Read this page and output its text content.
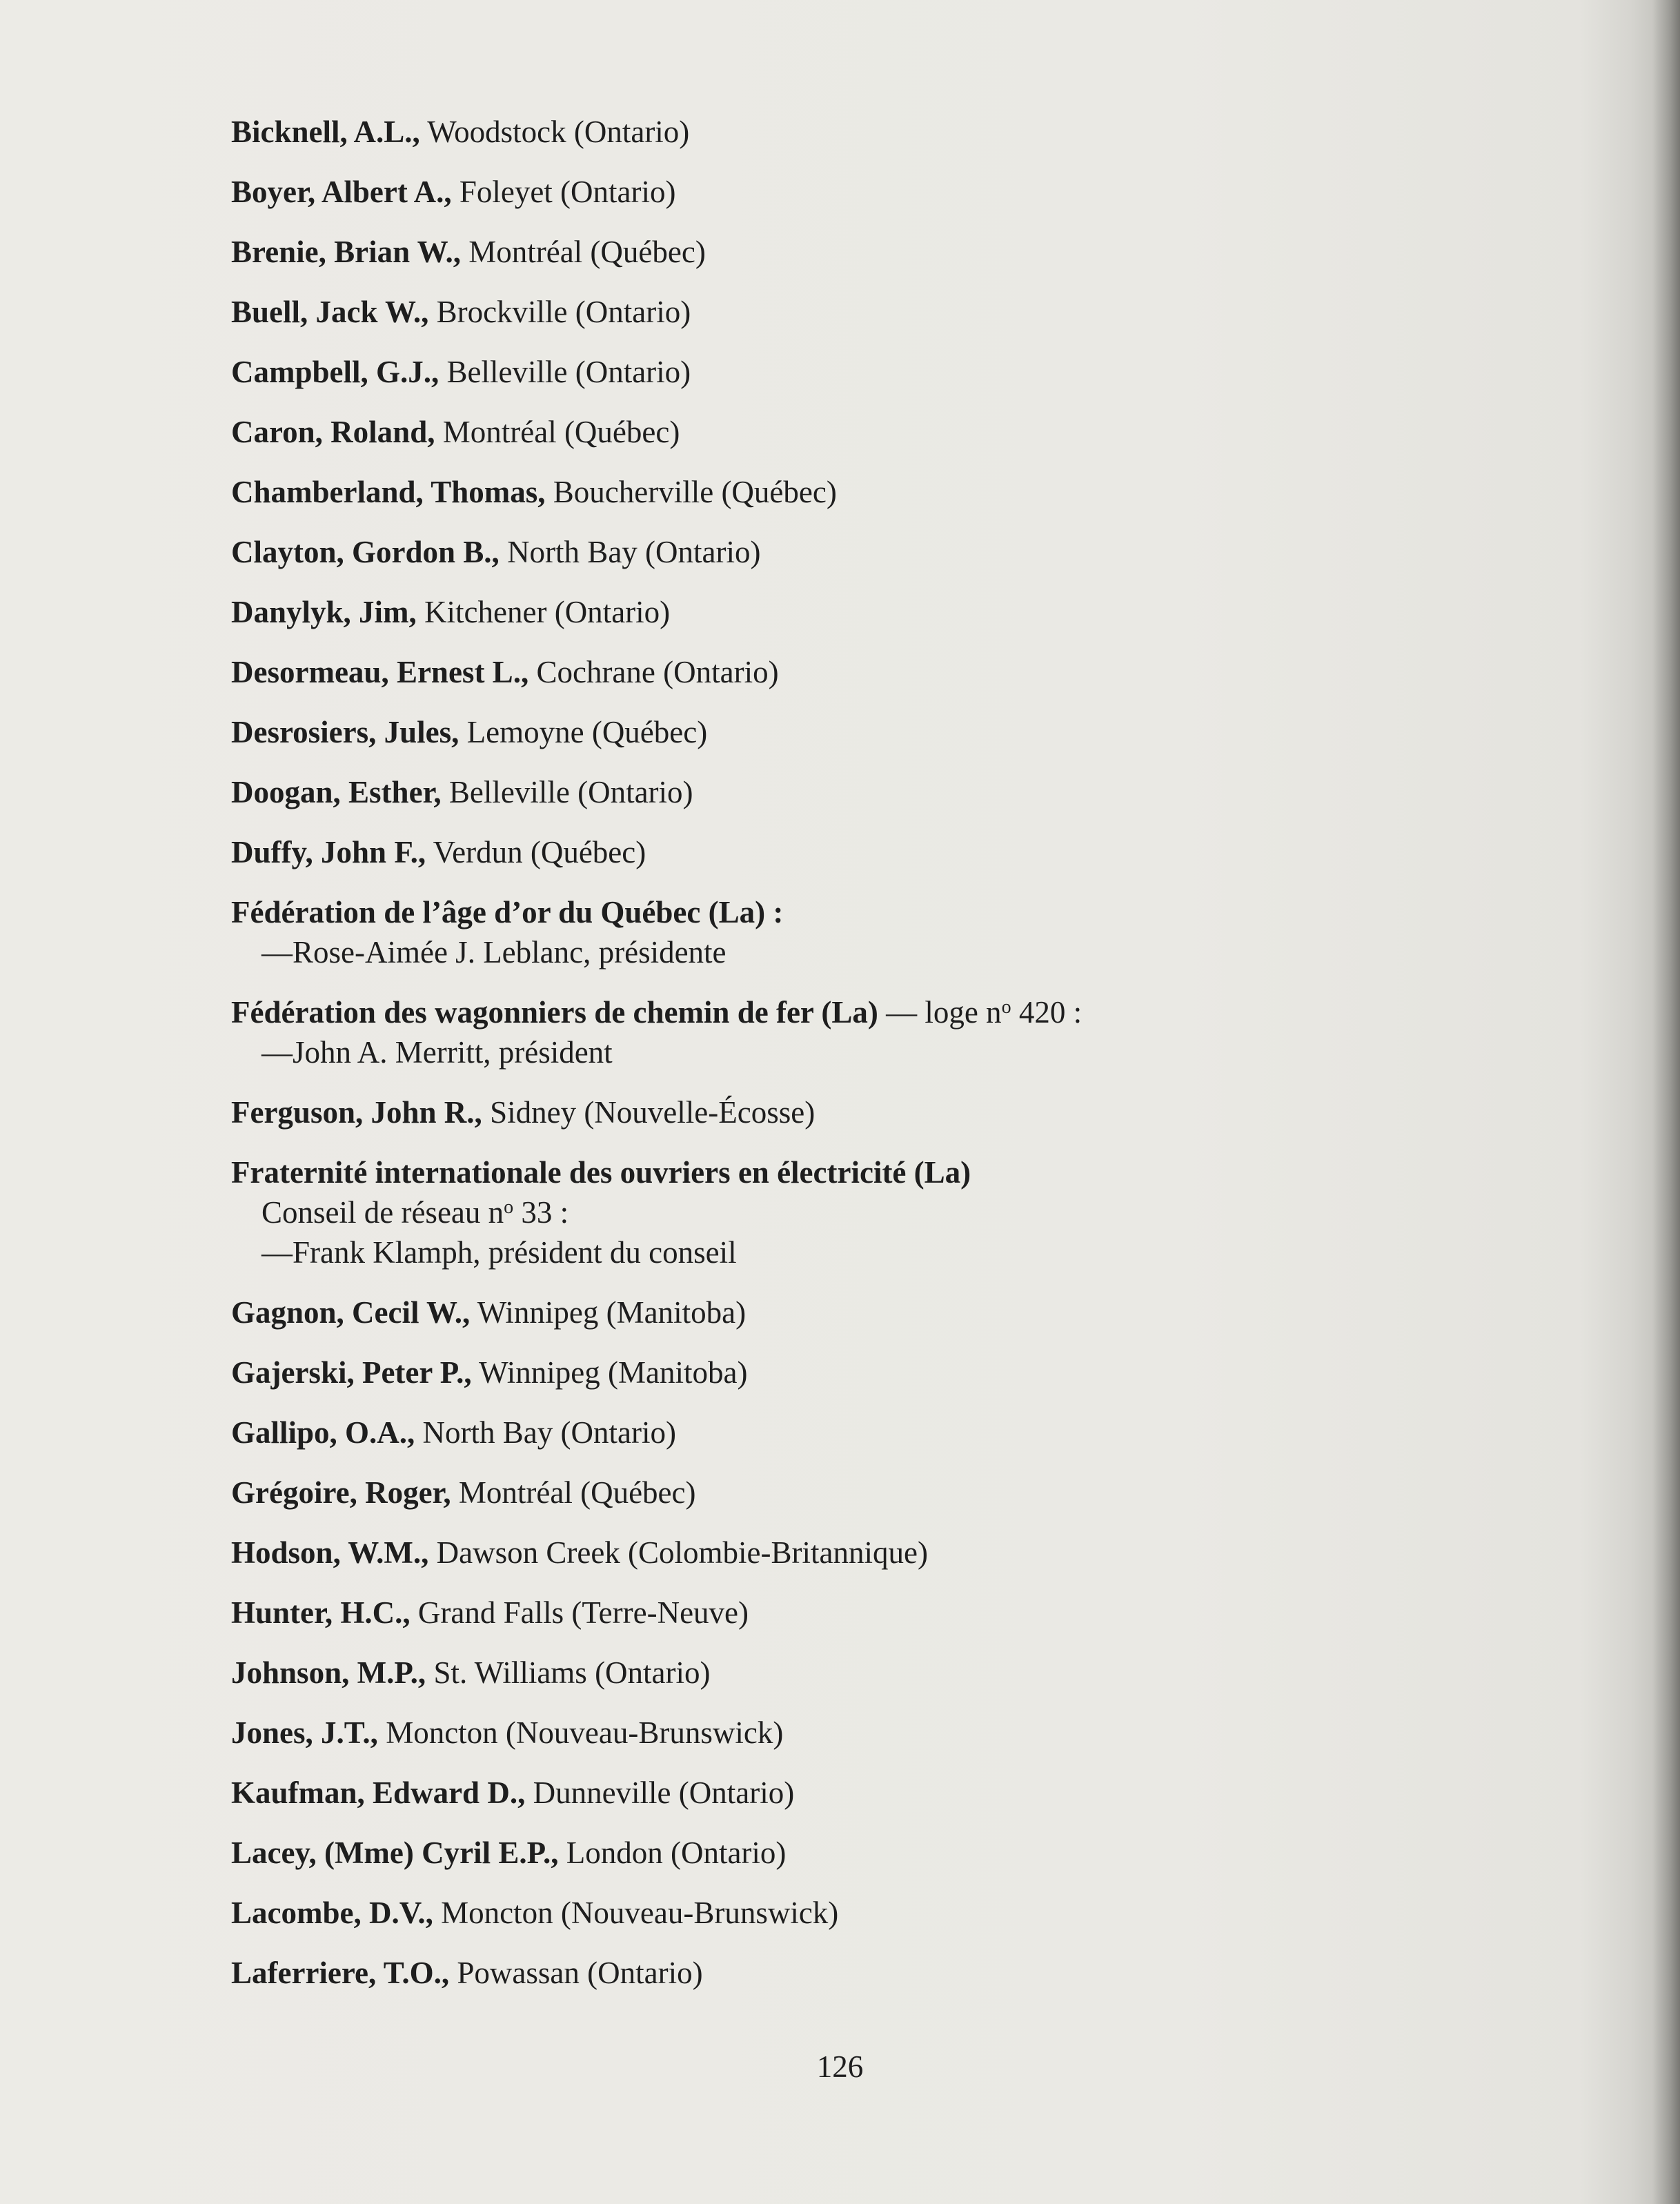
Bicknell, A.L., Woodstock (Ontario)
Boyer, Albert A., Foleyet (Ontario)
Brenie, Brian W., Montréal (Québec)
Buell, Jack W., Brockville (Ontario)
Campbell, G.J., Belleville (Ontario)
Caron, Roland, Montréal (Québec)
Chamberland, Thomas, Boucherville (Québec)
Clayton, Gordon B., North Bay (Ontario)
Danylyk, Jim, Kitchener (Ontario)
Desormeau, Ernest L., Cochrane (Ontario)
Desrosiers, Jules, Lemoyne (Québec)
Doogan, Esther, Belleville (Ontario)
Duffy, John F., Verdun (Québec)
Fédération de l’âge d’or du Québec (La) :
—Rose-Aimée J. Leblanc, présidente
Fédération des wagonniers de chemin de fer (La) — loge $n^o$ 420 :
—John A. Merritt, président
Ferguson, John R., Sidney (Nouvelle-Écosse)
Fraternité internationale des ouvriers en électricité (La)
Conseil de réseau $n^o$ 33 :
—Frank Klamph, président du conseil
Gagnon, Cecil W., Winnipeg (Manitoba)
Gajerski, Peter P., Winnipeg (Manitoba)
Gallipo, O.A., North Bay (Ontario)
Grégoire, Roger, Montréal (Québec)
Hodson, W.M., Dawson Creek (Colombie-Britannique)
Hunter, H.C., Grand Falls (Terre-Neuve)
Johnson, M.P., St. Williams (Ontario)
Jones, J.T., Moncton (Nouveau-Brunswick)
Kaufman, Edward D., Dunneville (Ontario)
Lacey, (Mme) Cyril E.P., London (Ontario)
Lacombe, D.V., Moncton (Nouveau-Brunswick)
Laferriere, T.O., Powassan (Ontario)
126
